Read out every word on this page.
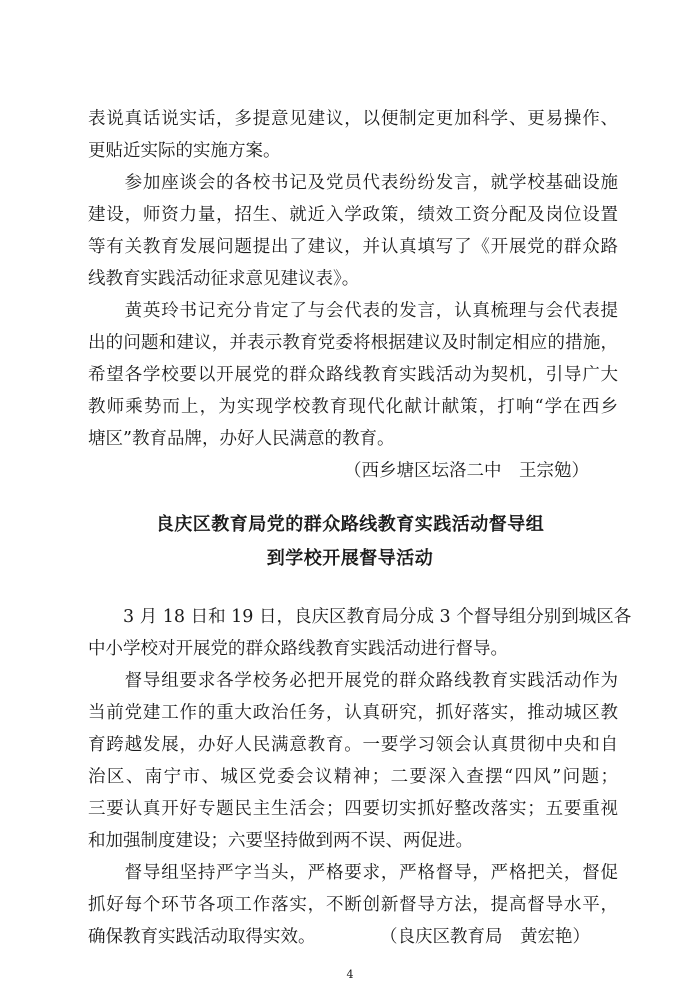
表说真话说实话，多提意见建议，以便制定更加科学、更易操作、
更贴近实际的实施方案。
　　参加座谈会的各校书记及党员代表纷纷发言，就学校基础设施
建设，师资力量，招生、就近入学政策，绩效工资分配及岗位设置
等有关教育发展问题提出了建议，并认真填写了《开展党的群众路
线教育实践活动征求意见建议表》。
　　黄英玲书记充分肯定了与会代表的发言，认真梳理与会代表提
出的问题和建议，并表示教育党委将根据建议及时制定相应的措施，
希望各学校要以开展党的群众路线教育实践活动为契机，引导广大
教师乘势而上，为实现学校教育现代化献计献策，打响“学在西乡
塘区”教育品牌，办好人民满意的教育。
（西乡塘区坛洛二中　王宗勉）
良庆区教育局党的群众路线教育实践活动督导组
到学校开展督导活动
　　3 月 18 日和 19 日，良庆区教育局分成 3 个督导组分别到城区各
中小学校对开展党的群众路线教育实践活动进行督导。
　　督导组要求各学校务必把开展党的群众路线教育实践活动作为
当前党建工作的重大政治任务，认真研究，抓好落实，推动城区教
育跨越发展，办好人民满意教育。一要学习领会认真贯彻中央和自
治区、南宁市、城区党委会议精神；二要深入查摆“四风”问题；
三要认真开好专题民主生活会；四要切实抓好整改落实；五要重视
和加强制度建设；六要坚持做到两不误、两促进。
　　督导组坚持严字当头，严格要求，严格督导，严格把关，督促
抓好每个环节各项工作落实，不断创新督导方法，提高督导水平，
确保教育实践活动取得实效。	（良庆区教育局　黄宏艳）
4
